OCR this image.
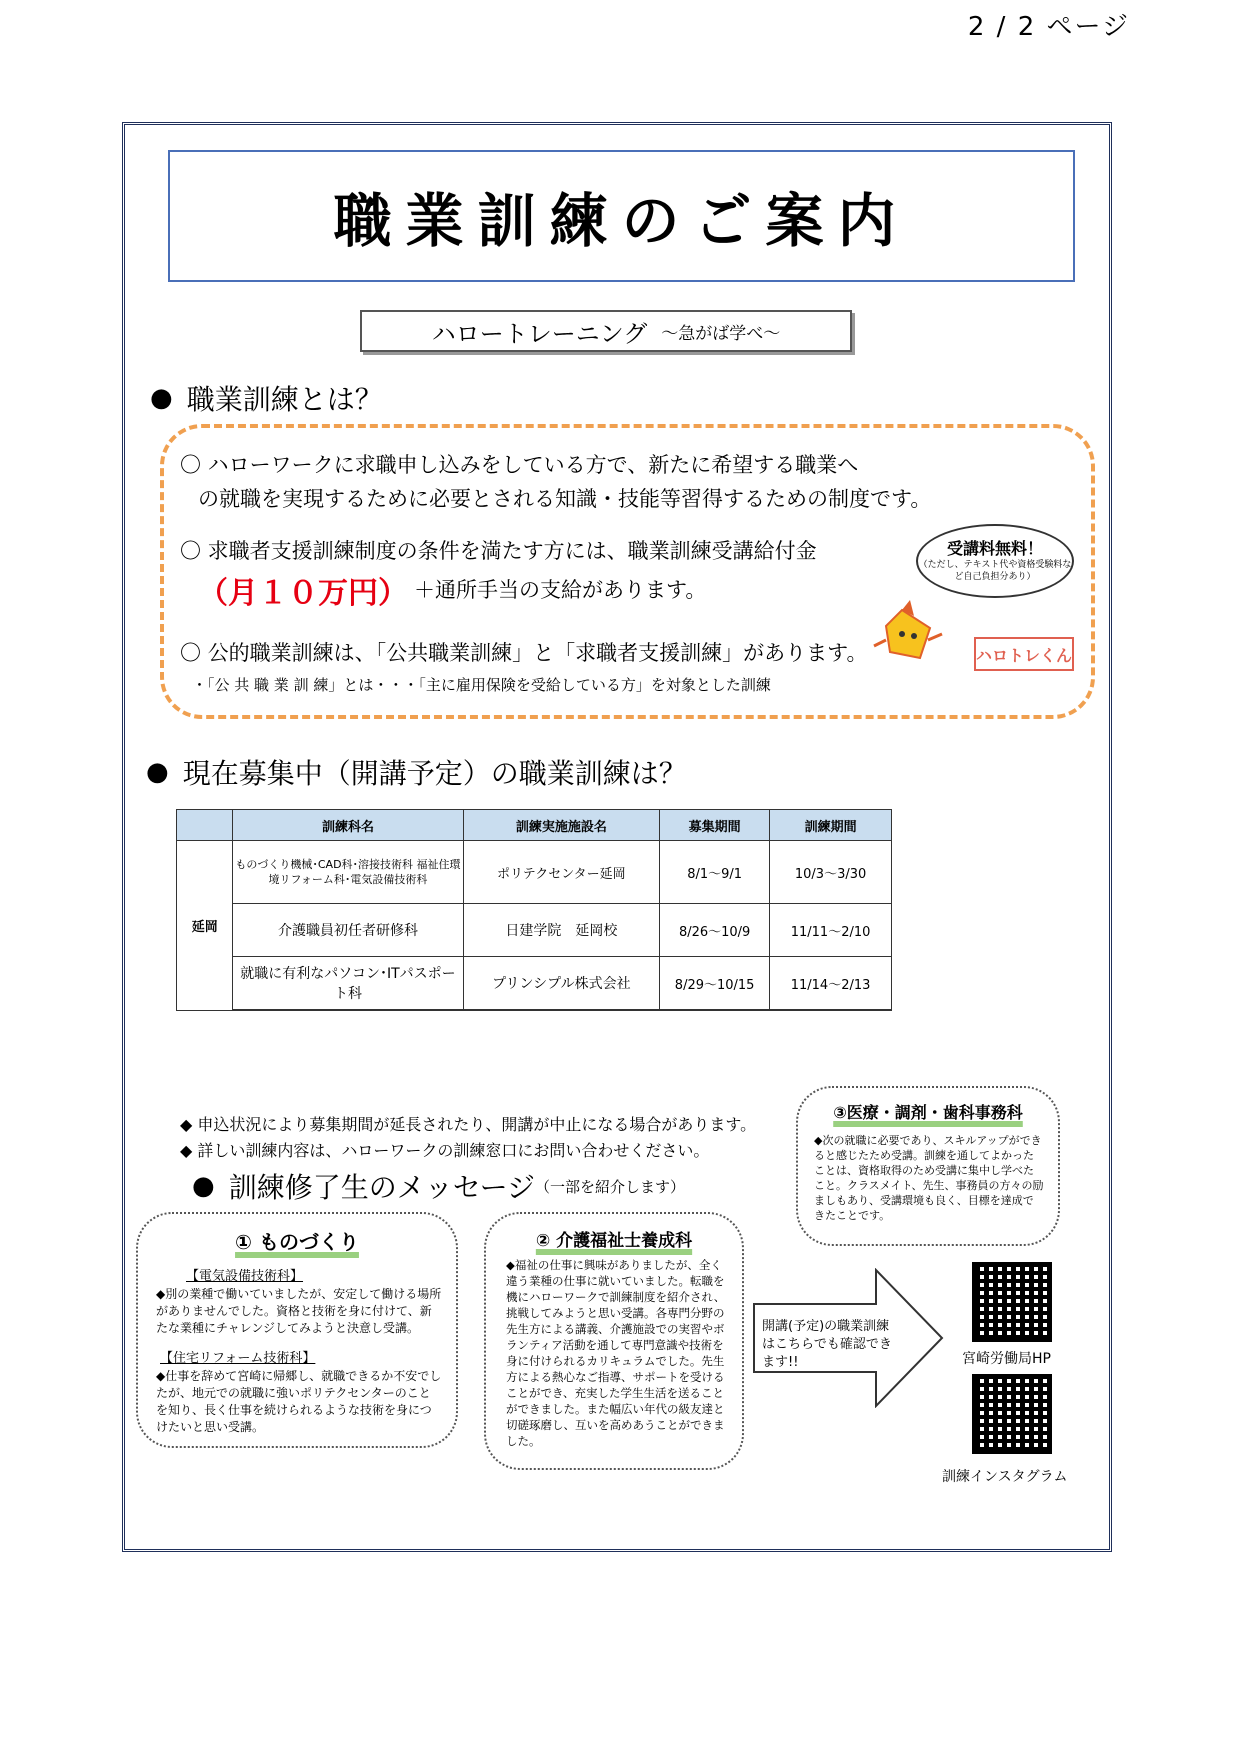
2 / 2 ページ
職業訓練のご案内
ハロートレーニング ～急がば学べ～
● 職業訓練とは？
〇 ハローワークに求職申し込みをしている方で、新たに希望する職業へ
の就職を実現するために必要とされる知識・技能等習得するための制度です。
〇 求職者支援訓練制度の条件を満たす方には、職業訓練受講給付金
（月１０万円） ＋通所手当の支給があります。
〇 公的職業訓練は、「公共職業訓練」と「求職者支援訓練」があります。
・「公 共 職 業 訓 練」とは・・・「主に雇用保険を受給している方」を対象とした訓練
受講料無料！
（ただし、テキスト代や資格受験料など自己負担分あり）
ハロトレくん
● 現在募集中（開講予定）の職業訓練は？
	訓練科名	訓練実施施設名	募集期間	訓練期間
延岡	ものづくり機械･CAD科･溶接技術科 福祉住環境リフォーム科･電気設備技術科	ポリテクセンター延岡	8/1～9/1	10/3～3/30
	介護職員初任者研修科	日建学院　延岡校	8/26～10/9	11/11～2/10
	就職に有利なパソコン･ITパスポート科	プリンシプル株式会社	8/29～10/15	11/14～2/13
◆ 申込状況により募集期間が延長されたり、開講が中止になる場合があります。
◆ 詳しい訓練内容は、ハローワークの訓練窓口にお問い合わせください。
● 訓練修了生のメッセージ （一部を紹介します）
③医療・調剤・歯科事務科
◆次の就職に必要であり、スキルアップができると感じたため受講。訓練を通してよかったことは、資格取得のため受講に集中し学べたこと。クラスメイト、先生、事務員の方々の励ましもあり、受講環境も良く、目標を達成できたことです。
① ものづくり
【電気設備技術科】
◆別の業種で働いていましたが、安定して働ける場所がありませんでした。資格と技術を身に付けて、新たな業種にチャレンジしてみようと決意し受講。
【住宅リフォーム技術科】
◆仕事を辞めて宮崎に帰郷し、就職できるか不安でしたが、地元での就職に強いポリテクセンターのことを知り、長く仕事を続けられるような技術を身につけたいと思い受講。
② 介護福祉士養成科
◆福祉の仕事に興味がありましたが、全く違う業種の仕事に就いていました。転職を機にハローワークで訓練制度を紹介され、挑戦してみようと思い受講。各専門分野の先生方による講義、介護施設での実習やボランティア活動を通して専門意識や技術を身に付けられるカリキュラムでした。先生方による熱心なご指導、サポートを受けることができ、充実した学生生活を送ることができました。また幅広い年代の級友達と切磋琢磨し、互いを高めあうことができました。
開講(予定)の職業訓練はこちらでも確認できます!!	宮崎労働局HP
訓練インスタグラム
